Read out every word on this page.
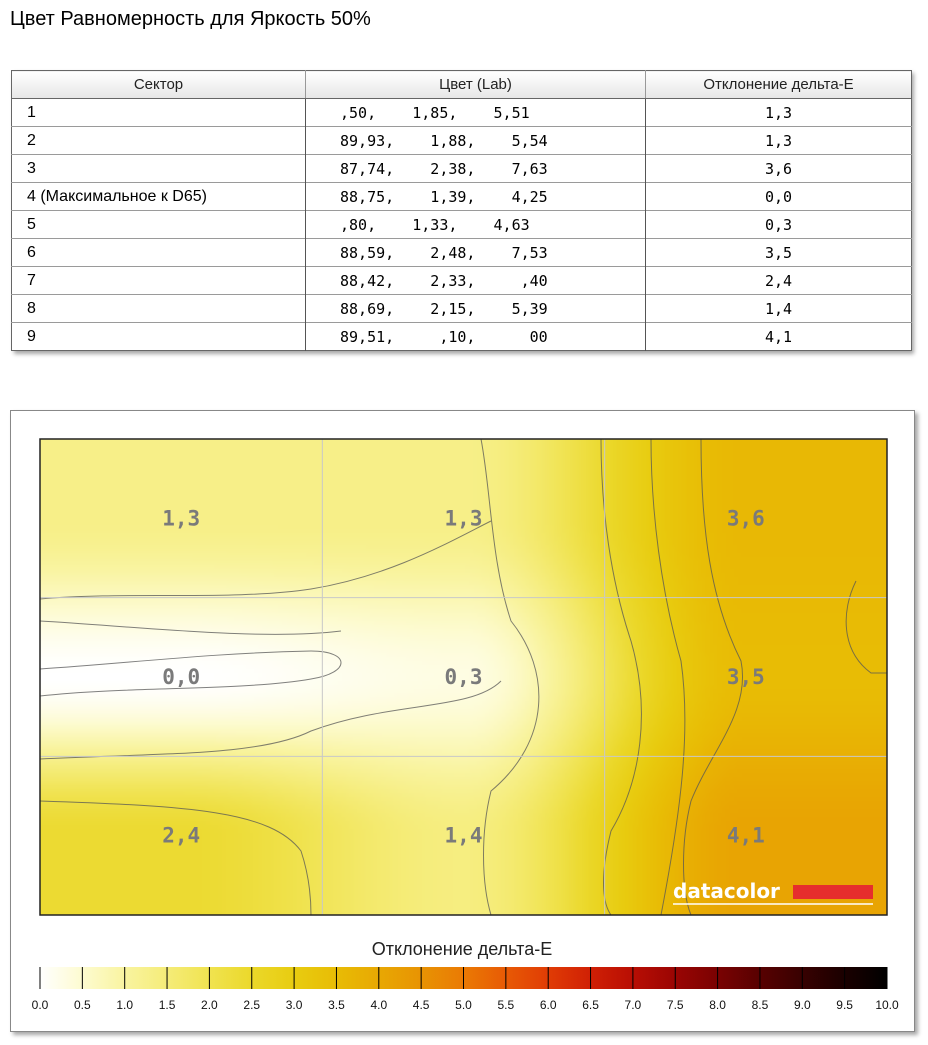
Цвет Равномерность для Яркость 50%
Сектор	Цвет (Lab)	Отклонение дельта-E
1	,50,    1,85,    5,51	1,3
2	89,93,    1,88,    5,54	1,3
3	87,74,    2,38,    7,63	3,6
4 (Максимальное к D65)	88,75,    1,39,    4,25	0,0
5	,80,    1,33,    4,63	0,3
6	88,59,    2,48,    7,53	3,5
7	88,42,    2,33,     ,40	2,4
8	88,69,    2,15,    5,39	1,4
9	89,51,     ,10,      00	4,1
1,3	1,3	3,6
0,0	0,3	3,5
2,4	1,4	4,1
datacolor
Отклонение дельта-E
0.0 0.5 1.0 1.5 2.0 2.5 3.0 3.5 4.0 4.5 5.0 5.5 6.0 6.5 7.0 7.5 8.0 8.5 9.0 9.5 10.0
